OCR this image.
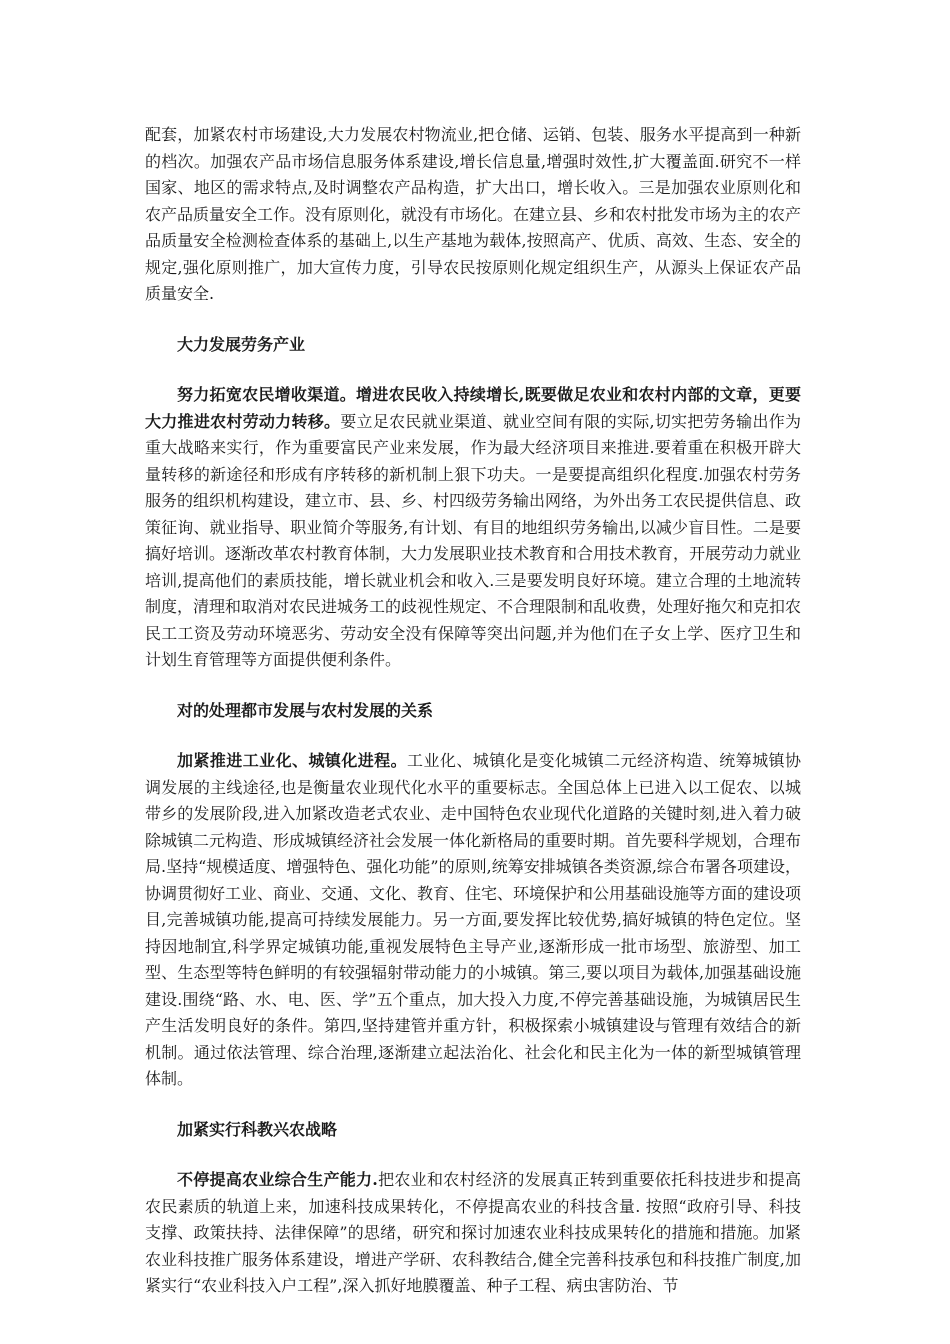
配套，加紧农村市场建设,大力发展农村物流业,把仓储、运销、包装、服务水平提高到一种新的档次。加强农产品市场信息服务体系建设,增长信息量,增强时效性,扩大覆盖面.研究不一样国家、地区的需求特点,及时调整农产品构造，扩大出口，增长收入。三是加强农业原则化和农产品质量安全工作。没有原则化，就没有市场化。在建立县、乡和农村批发市场为主的农产品质量安全检测检查体系的基础上,以生产基地为载体,按照高产、优质、高效、生态、安全的规定,强化原则推广，加大宣传力度，引导农民按原则化规定组织生产，从源头上保证农产品质量安全.

大力发展劳务产业

努力拓宽农民增收渠道。增进农民收入持续增长,既要做足农业和农村内部的文章，更要大力推进农村劳动力转移。要立足农民就业渠道、就业空间有限的实际,切实把劳务输出作为重大战略来实行，作为重要富民产业来发展，作为最大经济项目来推进.要着重在积极开辟大量转移的新途径和形成有序转移的新机制上狠下功夫。一是要提高组织化程度.加强农村劳务服务的组织机构建设，建立市、县、乡、村四级劳务输出网络，为外出务工农民提供信息、政策征询、就业指导、职业简介等服务,有计划、有目的地组织劳务输出,以减少盲目性。二是要搞好培训。逐渐改革农村教育体制，大力发展职业技术教育和合用技术教育，开展劳动力就业培训,提高他们的素质技能，增长就业机会和收入.三是要发明良好环境。建立合理的土地流转制度，清理和取消对农民进城务工的歧视性规定、不合理限制和乱收费，处理好拖欠和克扣农民工工资及劳动环境恶劣、劳动安全没有保障等突出问题,并为他们在子女上学、医疗卫生和计划生育管理等方面提供便利条件。

对的处理都市发展与农村发展的关系

加紧推进工业化、城镇化进程。工业化、城镇化是变化城镇二元经济构造、统筹城镇协调发展的主线途径,也是衡量农业现代化水平的重要标志。全国总体上已进入以工促农、以城带乡的发展阶段,进入加紧改造老式农业、走中国特色农业现代化道路的关键时刻,进入着力破除城镇二元构造、形成城镇经济社会发展一体化新格局的重要时期。首先要科学规划，合理布局.坚持“规模适度、增强特色、强化功能”的原则,统筹安排城镇各类资源,综合布署各项建设，协调贯彻好工业、商业、交通、文化、教育、住宅、环境保护和公用基础设施等方面的建设项目,完善城镇功能,提高可持续发展能力。另一方面,要发挥比较优势,搞好城镇的特色定位。坚持因地制宜,科学界定城镇功能,重视发展特色主导产业,逐渐形成一批市场型、旅游型、加工型、生态型等特色鲜明的有较强辐射带动能力的小城镇。第三,要以项目为载体,加强基础设施建设.围绕“路、水、电、医、学”五个重点，加大投入力度,不停完善基础设施，为城镇居民生产生活发明良好的条件。第四,坚持建管并重方针，积极探索小城镇建设与管理有效结合的新机制。通过依法管理、综合治理,逐渐建立起法治化、社会化和民主化为一体的新型城镇管理体制。

加紧实行科教兴农战略

不停提高农业综合生产能力.把农业和农村经济的发展真正转到重要依托科技进步和提高农民素质的轨道上来，加速科技成果转化，不停提高农业的科技含量. 按照“政府引导、科技支撑、政策扶持、法律保障”的思绪，研究和探讨加速农业科技成果转化的措施和措施。加紧农业科技推广服务体系建设，增进产学研、农科教结合,健全完善科技承包和科技推广制度,加紧实行“农业科技入户工程”,深入抓好地膜覆盖、种子工程、病虫害防治、节
